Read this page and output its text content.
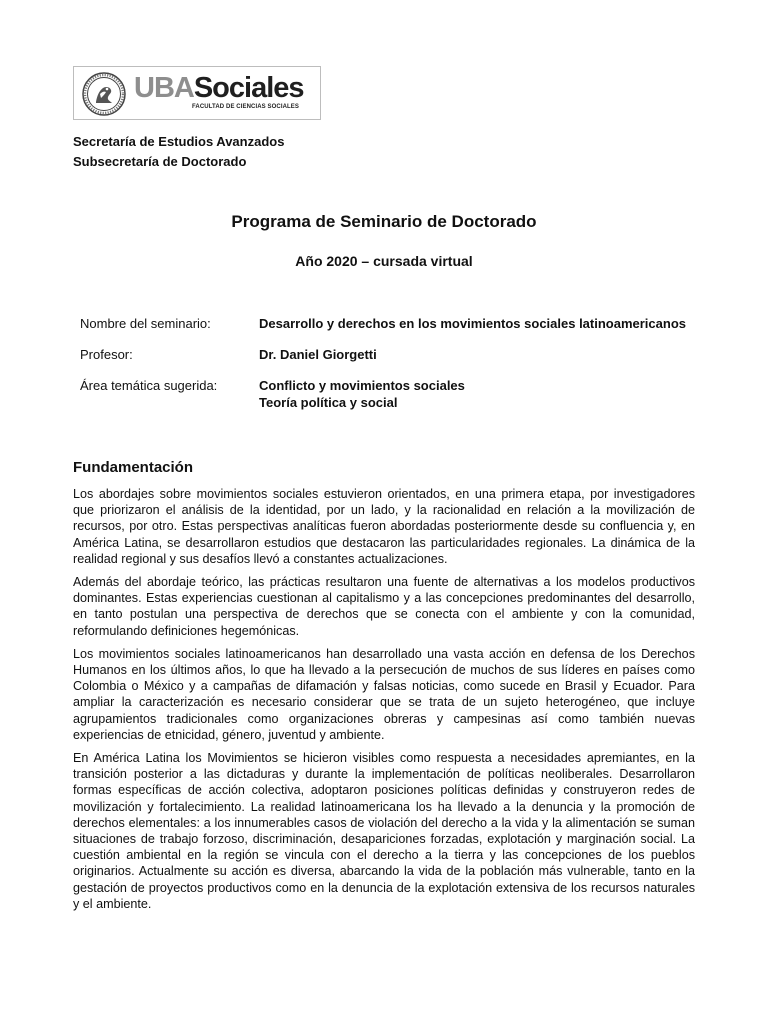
UBASociales
FACULTAD DE CIENCIAS SOCIALES
Secretaría de Estudios Avanzados
Subsecretaría de Doctorado
Programa de Seminario de Doctorado
Año 2020 – cursada virtual
Nombre del seminario:	Desarrollo y derechos en los movimientos sociales latinoamericanos
Profesor:	Dr. Daniel Giorgetti
Área temática sugerida:	Conflicto y movimientos sociales
Teoría política y social
Fundamentación

Los abordajes sobre movimientos sociales estuvieron orientados, en una primera etapa, por investigadores que priorizaron el análisis de la identidad, por un lado, y la racionalidad en relación a la movilización de recursos, por otro. Estas perspectivas analíticas fueron abordadas posteriormente desde su confluencia y, en América Latina, se desarrollaron estudios que destacaron las particularidades regionales. La dinámica de la realidad regional y sus desafíos llevó a constantes actualizaciones.

Además del abordaje teórico, las prácticas resultaron una fuente de alternativas a los modelos productivos dominantes. Estas experiencias cuestionan al capitalismo y a las concepciones predominantes del desarrollo, en tanto postulan una perspectiva de derechos que se conecta con el ambiente y con la comunidad, reformulando definiciones hegemónicas.

Los movimientos sociales latinoamericanos han desarrollado una vasta acción en defensa de los Derechos Humanos en los últimos años, lo que ha llevado a la persecución de muchos de sus líderes en países como Colombia o México y a campañas de difamación y falsas noticias, como sucede en Brasil y Ecuador. Para ampliar la caracterización es necesario considerar que se trata de un sujeto heterogéneo, que incluye agrupamientos tradicionales como organizaciones obreras y campesinas así como también nuevas experiencias de etnicidad, género, juventud y ambiente.

En América Latina los Movimientos se hicieron visibles como respuesta a necesidades apremiantes, en la transición posterior a las dictaduras y durante la implementación de políticas neoliberales. Desarrollaron formas específicas de acción colectiva, adoptaron posiciones políticas definidas y construyeron redes de movilización y fortalecimiento. La realidad latinoamericana los ha llevado a la denuncia y la promoción de derechos elementales: a los innumerables casos de violación del derecho a la vida y la alimentación se suman situaciones de trabajo forzoso, discriminación, desapariciones forzadas, explotación y marginación social. La cuestión ambiental en la región se vincula con el derecho a la tierra y las concepciones de los pueblos originarios. Actualmente su acción es diversa, abarcando la vida de la población más vulnerable, tanto en la gestación de proyectos productivos como en la denuncia de la explotación extensiva de los recursos naturales y el ambiente.
